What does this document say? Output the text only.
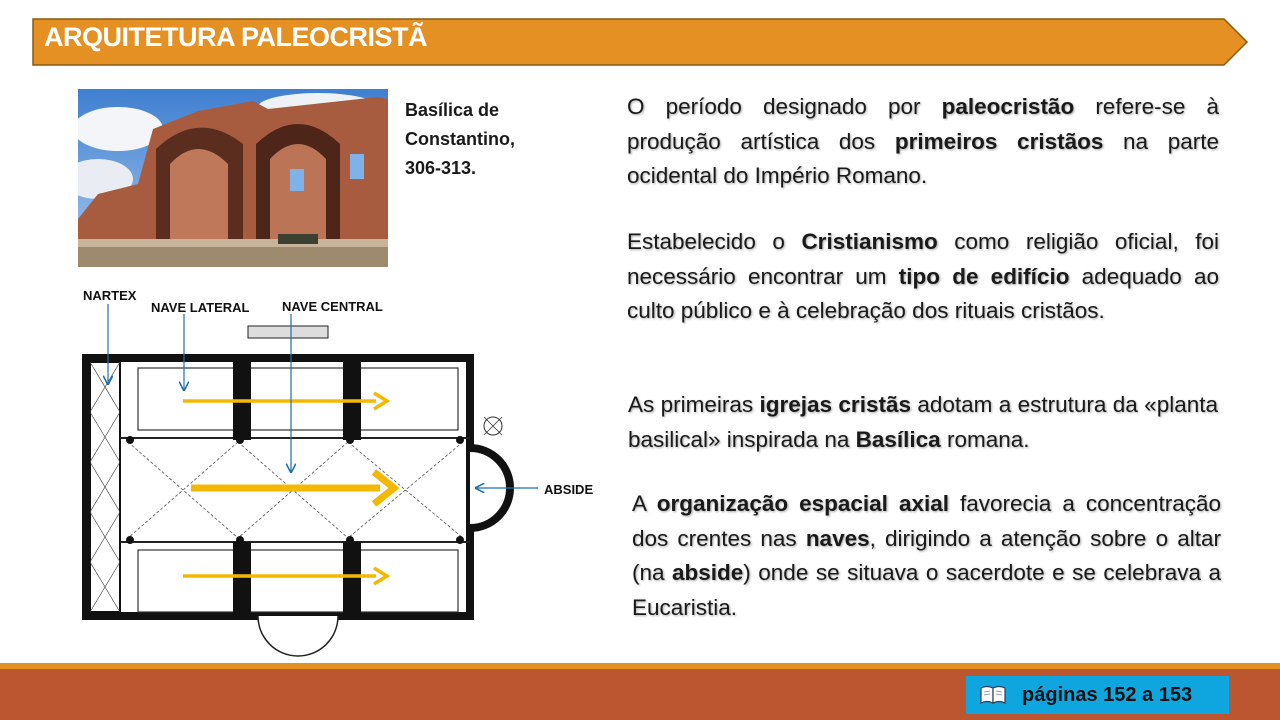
ARQUITETURA PALEOCRISTÃ
Basílica de
Constantino,
306-313.
NARTEX
NAVE LATERAL	NAVE CENTRAL
ABSIDE
O período designado por paleocristão refere-se à produção artística dos primeiros cristãos na parte ocidental do Império Romano.
Estabelecido o Cristianismo como religião oficial, foi necessário encontrar um tipo de edifício adequado ao culto público e à celebração dos rituais cristãos.
As primeiras igrejas cristãs adotam a estrutura da «planta basilical» inspirada na Basílica romana.
A organização espacial axial favorecia a concentração dos crentes nas naves, dirigindo a atenção sobre o altar (na abside) onde se situava o sacerdote e se celebrava a Eucaristia.
páginas 152 a 153
